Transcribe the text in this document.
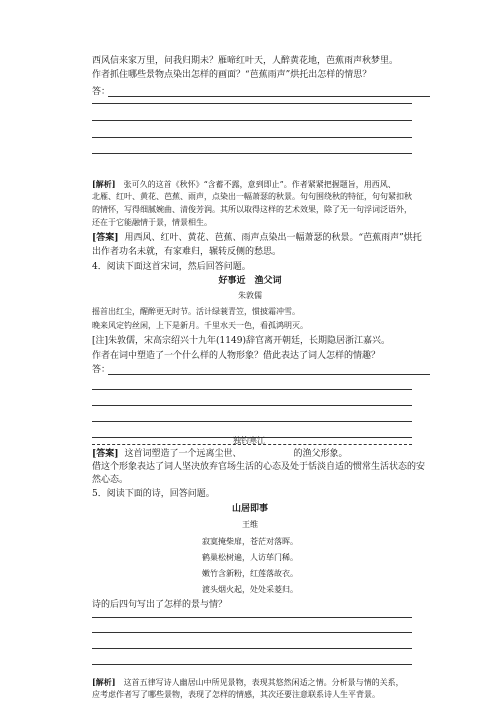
西风信来家万里，问我归期未？雁啼红叶天，人醉黄花地，芭蕉雨声秋梦里。
作者抓住哪些景物点染出怎样的画面？“芭蕉雨声”烘托出怎样的情思？
答：
[解析] 张可久的这首《秋怀》“含蓄不露，意到即止”。作者紧紧把握题旨，用西风、
北雁、红叶、黄花、芭蕉、雨声，点染出一幅萧瑟的秋景。句句围绕秋的特征，句句紧扣秋
的情怀，写得细腻婉曲、清俊芳润。其所以取得这样的艺术效果，除了无一句浮词泛语外，
还在于它能融情于景，情景相生。
[答案] 用西风、红叶、黄花、芭蕉、雨声点染出一幅萧瑟的秋景。“芭蕉雨声”烘托
出作者功名未就，有家难归，辗转反侧的愁思。
4．阅读下面这首宋词，然后回答问题。
好事近　渔父词
朱敦儒
摇首出红尘，醒醉更无时节。活计绿蓑青笠，惯披霜冲雪。
晚来风定钓丝闲，上下是新月。千里水天一色，看孤鸿明灭。
[注]朱敦儒，宋高宗绍兴十九年(1149)辞官离开朝廷，长期隐居浙江嘉兴。
作者在词中塑造了一个什么样的人物形象？借此表达了词人怎样的情趣？
答：
独钓寒江
[答案] 这首词塑造了一个远离尘世、	的渔父形象。
借这个形象表达了词人坚决放弃官场生活的心态及处于恬淡自适的惯常生活状态的安
然心态。
5．阅读下面的诗，回答问题。
山居即事
王维
寂寞掩柴扉，苍茫对落晖。
鹤巢松树遍，人访荜门稀。
嫩竹含新粉，红莲落故衣。
渡头烟火起，处处采菱归。
诗的后四句写出了怎样的景与情？
[解析] 这首五律写诗人幽居山中所见景物，表现其悠然闲适之情。分析景与情的关系，
应考虑作者写了哪些景物，表现了怎样的情感，其次还要注意联系诗人生平背景。
